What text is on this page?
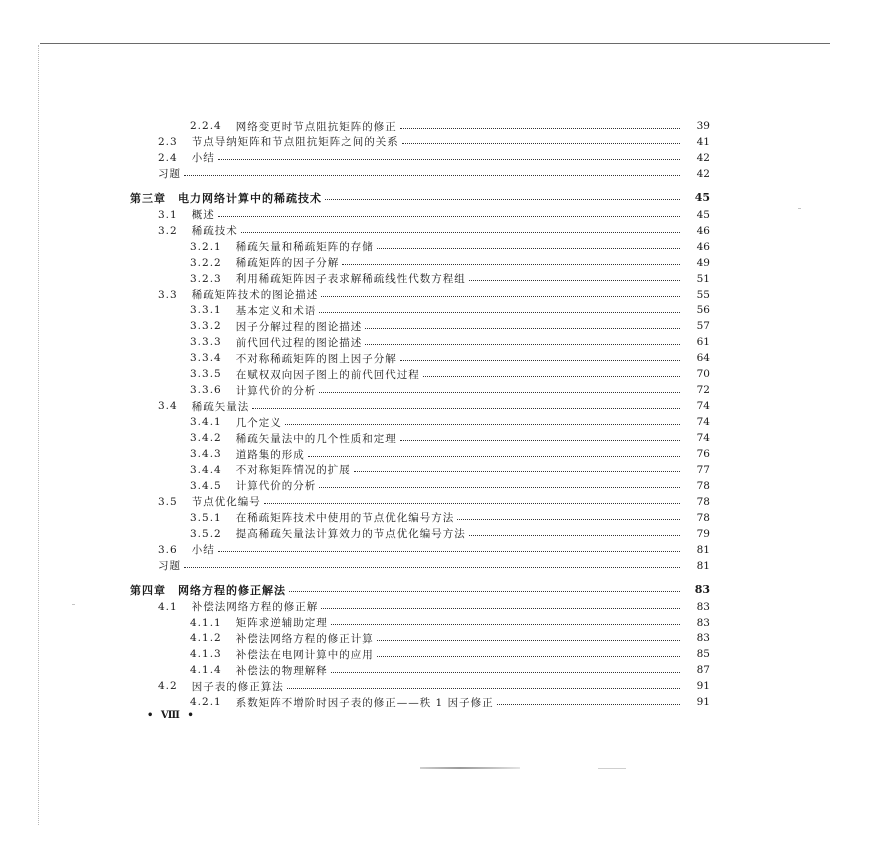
2.2.4 网络变更时节点阻抗矩阵的修正	39
2.3 节点导纳矩阵和节点阻抗矩阵之间的关系	41
2.4 小结	42
习题	42
第三章 电力网络计算中的稀疏技术	45
3.1 概述	45
3.2 稀疏技术	46
3.2.1 稀疏矢量和稀疏矩阵的存储	46
3.2.2 稀疏矩阵的因子分解	49
3.2.3 利用稀疏矩阵因子表求解稀疏线性代数方程组	51
3.3 稀疏矩阵技术的图论描述	55
3.3.1 基本定义和术语	56
3.3.2 因子分解过程的图论描述	57
3.3.3 前代回代过程的图论描述	61
3.3.4 不对称稀疏矩阵的图上因子分解	64
3.3.5 在赋权双向因子图上的前代回代过程	70
3.3.6 计算代价的分析	72
3.4 稀疏矢量法	74
3.4.1 几个定义	74
3.4.2 稀疏矢量法中的几个性质和定理	74
3.4.3 道路集的形成	76
3.4.4 不对称矩阵情况的扩展	77
3.4.5 计算代价的分析	78
3.5 节点优化编号	78
3.5.1 在稀疏矩阵技术中使用的节点优化编号方法	78
3.5.2 提高稀疏矢量法计算效力的节点优化编号方法	79
3.6 小结	81
习题	81
第四章 网络方程的修正解法	83
4.1 补偿法网络方程的修正解	83
4.1.1 矩阵求逆辅助定理	83
4.1.2 补偿法网络方程的修正计算	83
4.1.3 补偿法在电网计算中的应用	85
4.1.4 补偿法的物理解释	87
4.2 因子表的修正算法	91
4.2.1 系数矩阵不增阶时因子表的修正——秩 1 因子修正	91
• Ⅷ •
